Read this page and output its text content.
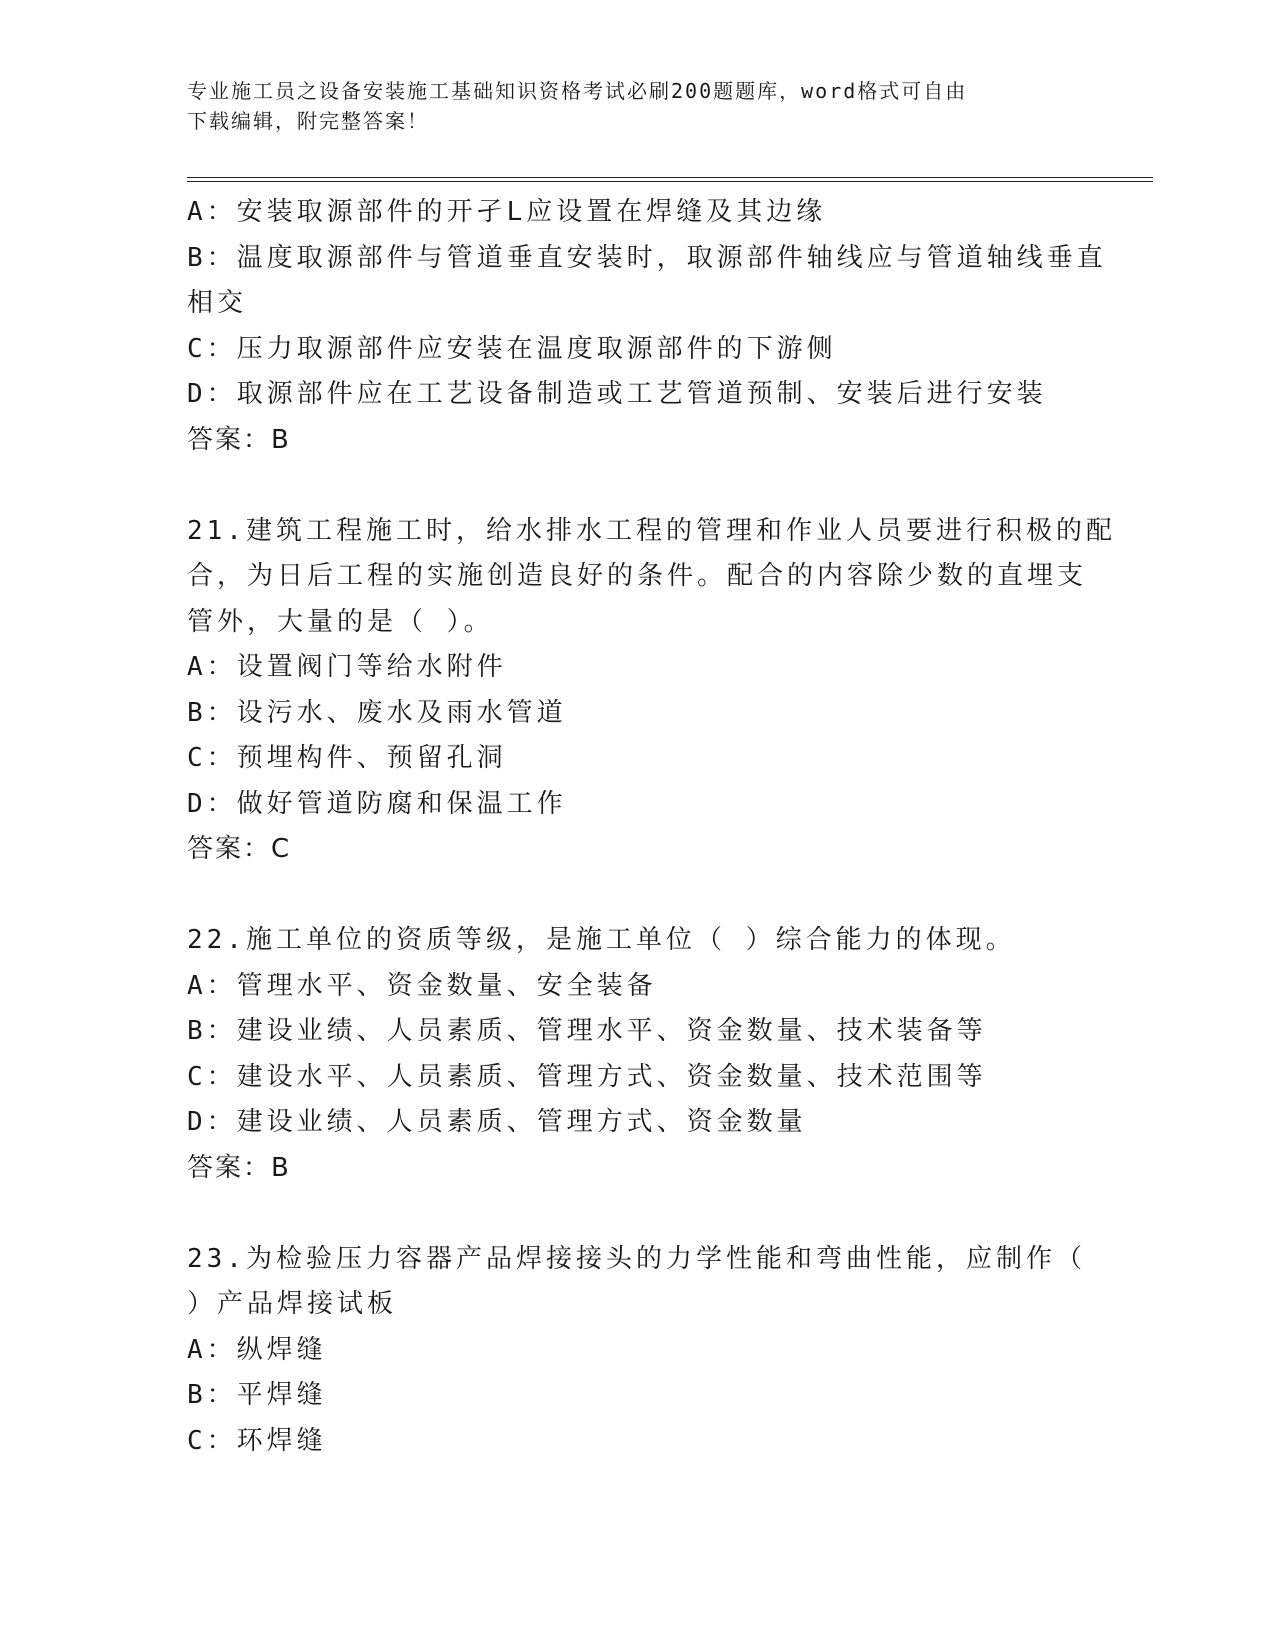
专业施工员之设备安装施工基础知识资格考试必刷200题题库，word格式可自由
下载编辑，附完整答案！
A：安装取源部件的开孑L应设置在焊缝及其边缘
B：温度取源部件与管道垂直安装时，取源部件轴线应与管道轴线垂直
相交
C：压力取源部件应安装在温度取源部件的下游侧
D：取源部件应在工艺设备制造或工艺管道预制、安装后进行安装
答案：B
21.建筑工程施工时，给水排水工程的管理和作业人员要进行积极的配
合，为日后工程的实施创造良好的条件。配合的内容除少数的直埋支
管外，大量的是（ ）。
A：设置阀门等给水附件
B：设污水、废水及雨水管道
C：预埋构件、预留孔洞
D：做好管道防腐和保温工作
答案：C
22.施工单位的资质等级，是施工单位（ ）综合能力的体现。
A：管理水平、资金数量、安全装备
B：建设业绩、人员素质、管理水平、资金数量、技术装备等
C：建设水平、人员素质、管理方式、资金数量、技术范围等
D：建设业绩、人员素质、管理方式、资金数量
答案：B
23.为检验压力容器产品焊接接头的力学性能和弯曲性能，应制作（
）产品焊接试板
A：纵焊缝
B：平焊缝
C：环焊缝
